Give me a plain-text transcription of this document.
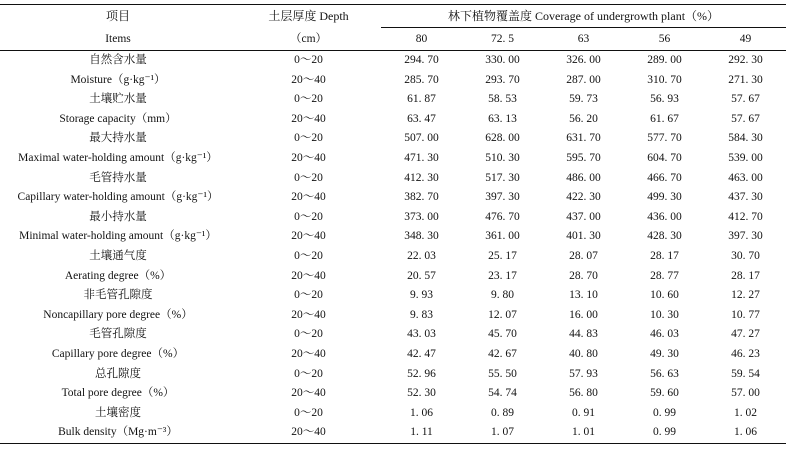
项目	土层厚度 Depth	林下植物覆盖度 Coverage of undergrowth plant（%）				
Items	（cm）	80	72. 5	63	56	49
自然含水量	0～20	294. 70	330. 00	326. 00	289. 00	292. 30
Moisture（g·kg⁻¹）	20～40	285. 70	293. 70	287. 00	310. 70	271. 30
土壤贮水量	0～20	61. 87	58. 53	59. 73	56. 93	57. 67
Storage capacity（mm）	20～40	63. 47	63. 13	56. 20	61. 67	57. 67
最大持水量	0～20	507. 00	628. 00	631. 70	577. 70	584. 30
Maximal water-holding amount（g·kg⁻¹）	20～40	471. 30	510. 30	595. 70	604. 70	539. 00
毛管持水量	0～20	412. 30	517. 30	486. 00	466. 70	463. 00
Capillary water-holding amount（g·kg⁻¹）	20～40	382. 70	397. 30	422. 30	499. 30	437. 30
最小持水量	0～20	373. 00	476. 70	437. 00	436. 00	412. 70
Minimal water-holding amount（g·kg⁻¹）	20～40	348. 30	361. 00	401. 30	428. 30	397. 30
土壤通气度	0～20	22. 03	25. 17	28. 07	28. 17	30. 70
Aerating degree（%）	20～40	20. 57	23. 17	28. 70	28. 77	28. 17
非毛管孔隙度	0～20	9. 93	9. 80	13. 10	10. 60	12. 27
Noncapillary pore degree（%）	20～40	9. 83	12. 07	16. 00	10. 30	10. 77
毛管孔隙度	0～20	43. 03	45. 70	44. 83	46. 03	47. 27
Capillary pore degree（%）	20～40	42. 47	42. 67	40. 80	49. 30	46. 23
总孔隙度	0～20	52. 96	55. 50	57. 93	56. 63	59. 54
Total pore degree（%）	20～40	52. 30	54. 74	56. 80	59. 60	57. 00
土壤密度	0～20	1. 06	0. 89	0. 91	0. 99	1. 02
Bulk density（Mg·m⁻³）	20～40	1. 11	1. 07	1. 01	0. 99	1. 06
